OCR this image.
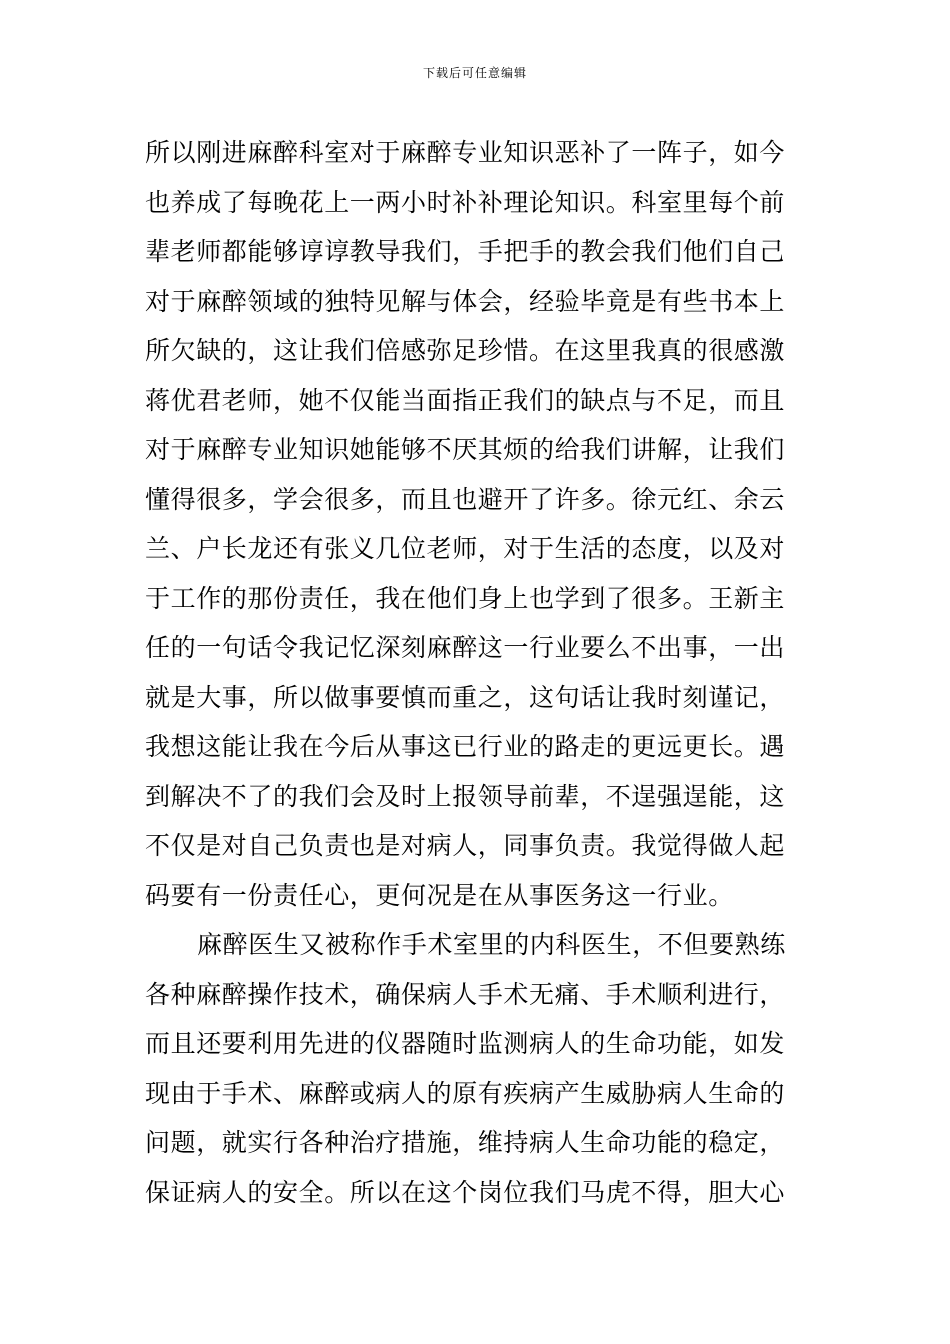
下载后可任意编辑
所以刚进麻醉科室对于麻醉专业知识恶补了一阵子，如今
也养成了每晚花上一两小时补补理论知识。科室里每个前
辈老师都能够谆谆教导我们，手把手的教会我们他们自己
对于麻醉领域的独特见解与体会，经验毕竟是有些书本上
所欠缺的，这让我们倍感弥足珍惜。在这里我真的很感激
蒋优君老师，她不仅能当面指正我们的缺点与不足，而且
对于麻醉专业知识她能够不厌其烦的给我们讲解，让我们
懂得很多，学会很多，而且也避开了许多。徐元红、余云
兰、户长龙还有张义几位老师，对于生活的态度，以及对
于工作的那份责任，我在他们身上也学到了很多。王新主
任的一句话令我记忆深刻麻醉这一行业要么不出事，一出
就是大事，所以做事要慎而重之，这句话让我时刻谨记，
我想这能让我在今后从事这已行业的路走的更远更长。遇
到解决不了的我们会及时上报领导前辈，不逞强逞能，这
不仅是对自己负责也是对病人，同事负责。我觉得做人起
码要有一份责任心，更何况是在从事医务这一行业。
麻醉医生又被称作手术室里的内科医生，不但要熟练
各种麻醉操作技术，确保病人手术无痛、手术顺利进行，
而且还要利用先进的仪器随时监测病人的生命功能，如发
现由于手术、麻醉或病人的原有疾病产生威胁病人生命的
问题，就实行各种治疗措施，维持病人生命功能的稳定，
保证病人的安全。所以在这个岗位我们马虎不得，胆大心
